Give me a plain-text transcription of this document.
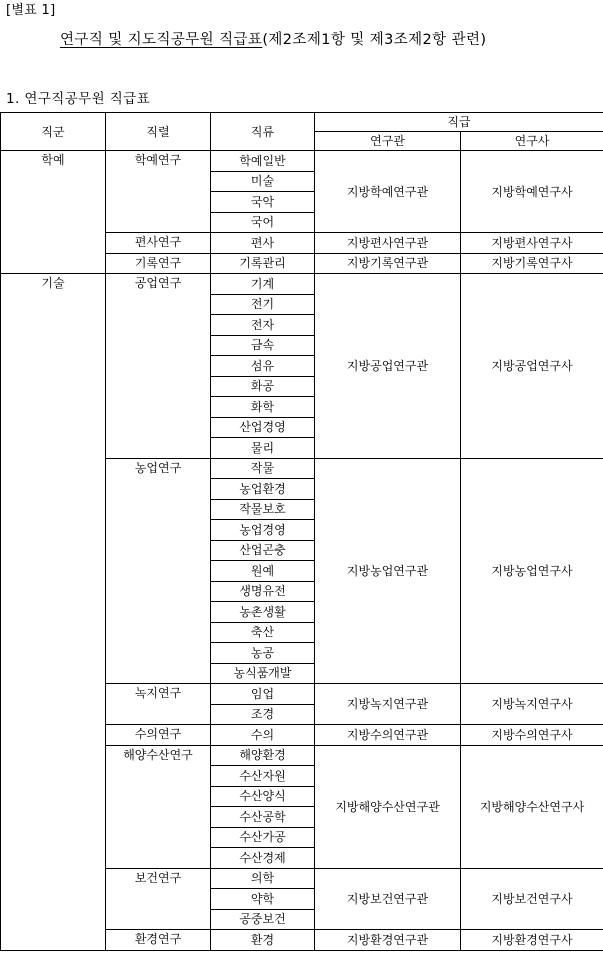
[별표 1]
연구직 및 지도직공무원 직급표(제2조제1항 및 제3조제2항 관련)
1. 연구직공무원 직급표
직군	직렬	직류	직급	
			연구관	연구사
학예	학예연구	학예일반	지방학예연구관	지방학예연구사
		미술		
		국악		
		국어		
	편사연구	편사	지방편사연구관	지방편사연구사
	기록연구	기록관리	지방기록연구관	지방기록연구사
기술	공업연구	기계	지방공업연구관	지방공업연구사
		전기		
		전자		
		금속		
		섬유		
		화공		
		화학		
		산업경영		
		물리		
	농업연구	작물	지방농업연구관	지방농업연구사
		농업환경		
		작물보호		
		농업경영		
		산업곤충		
		원예		
		생명유전		
		농촌생활		
		축산		
		농공		
		농식품개발		
	녹지연구	임업	지방녹지연구관	지방녹지연구사
		조경		
	수의연구	수의	지방수의연구관	지방수의연구사
	해양수산연구	해양환경	지방해양수산연구관	지방해양수산연구사
		수산자원		
		수산양식		
		수산공학		
		수산가공		
		수산경제		
	보건연구	의학	지방보건연구관	지방보건연구사
		약학		
		공중보건		
	환경연구	환경	지방환경연구관	지방환경연구사
